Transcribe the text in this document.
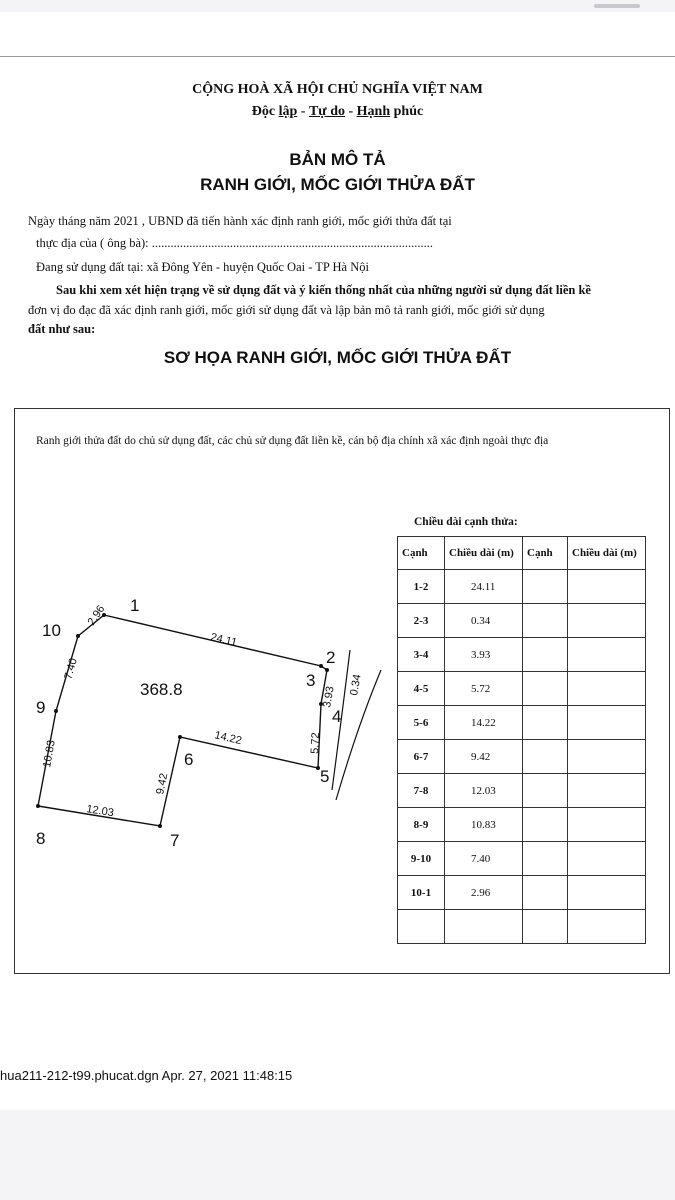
CỘNG HOÀ XÃ HỘI CHỦ NGHĨA VIỆT NAM
Độc lập - Tự do - Hạnh phúc
BẢN MÔ TẢ
RANH GIỚI, MỐC GIỚI THỬA ĐẤT
Ngày tháng năm 2021 , UBND đã tiến hành xác định ranh giới, mốc giới thửa đất tại
thực địa của ( ông bà): ..........................................................................................
Đang sử dụng đất tại: xã Đông Yên - huyện Quốc Oai - TP Hà Nội
Sau khi xem xét hiện trạng về sử dụng đất và ý kiến thống nhất của những người sử dụng đất liền kề
đơn vị đo đạc đã xác định ranh giới, mốc giới sử dụng đất và lập bản mô tả ranh giới, mốc giới sử dụng
đất như sau:
SƠ HỌA RANH GIỚI, MỐC GIỚI THỬA ĐẤT
Ranh giới thửa đất do chủ sử dụng đất, các chủ sử dụng đất liền kề, cán bộ địa chính xã xác định ngoài thực địa
1
2
3
4
5
6
7
8
9
10
368.8
24.11
0.34
3.93
5.72
14.22
9.42
12.03
10.83
7.40
2.96
Chiều dài cạnh thửa:
Cạnh	Chiều dài (m)	Cạnh	Chiều dài (m)
1-2	24.11		
2-3	0.34		
3-4	3.93		
4-5	5.72		
5-6	14.22		
6-7	9.42		
7-8	12.03		
8-9	10.83		
9-10	7.40		
10-1	2.96		

hua211-212-t99.phucat.dgn Apr. 27, 2021 11:48:15
